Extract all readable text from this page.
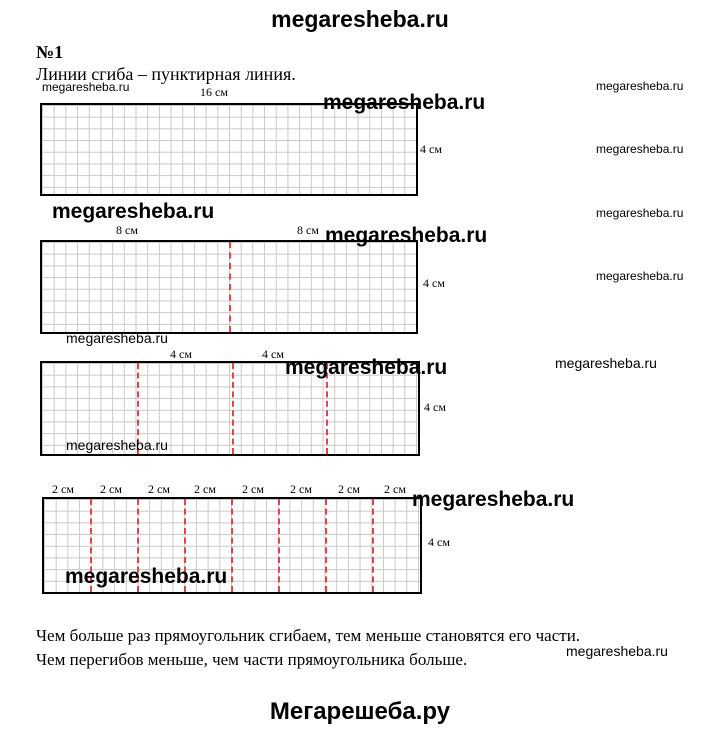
megaresheba.ru
№1
Линии сгиба – пунктирная линия.
16 см
4 см
8 см	8 см
4 см
4 см	4 см
4 см
2 см 2 см 2 см 2 см 2 см 2 см 2 см 2 см
4 см
megaresheba.ru	megaresheba.ru
megaresheba.ru
megaresheba.ru
megaresheba.ru	megaresheba.ru
megaresheba.ru
megaresheba.ru
megaresheba.ru
megaresheba.ru	megaresheba.ru
megaresheba.ru
megaresheba.ru
megaresheba.ru
megaresheba.ru
Чем больше раз прямоугольник сгибаем, тем меньше становятся его части.
Чем перегибов меньше, чем части прямоугольника больше.
Мегарешеба.ру
